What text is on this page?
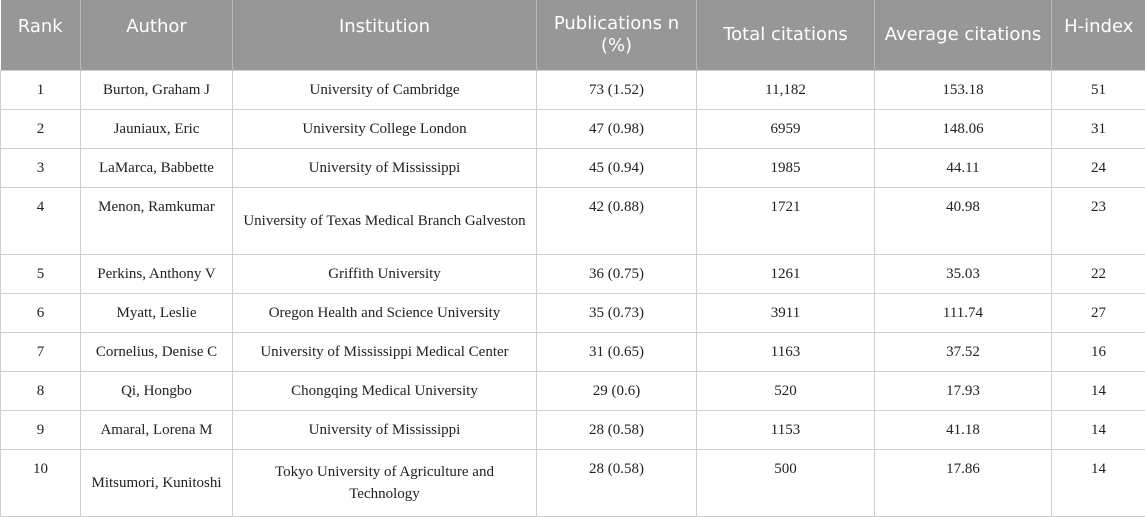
Rank	Author	Institution	Publications n (%)	Total citations	Average citations	H-index

1	Burton, Graham J	University of Cambridge	73 (1.52)	11,182	153.18	51
2	Jauniaux, Eric	University College London	47 (0.98)	6959	148.06	31
3	LaMarca, Babbette	University of Mississippi	45 (0.94)	1985	44.11	24
4	Menon, Ramkumar	University of Texas Medical Branch Galveston	42 (0.88)	1721	40.98	23
5	Perkins, Anthony V	Griffith University	36 (0.75)	1261	35.03	22
6	Myatt, Leslie	Oregon Health and Science University	35 (0.73)	3911	111.74	27
7	Cornelius, Denise C	University of Mississippi Medical Center	31 (0.65)	1163	37.52	16
8	Qi, Hongbo	Chongqing Medical University	29 (0.6)	520	17.93	14
9	Amaral, Lorena M	University of Mississippi	28 (0.58)	1153	41.18	14
10	Mitsumori, Kunitoshi	Tokyo University of Agriculture and Technology	28 (0.58)	500	17.86	14
